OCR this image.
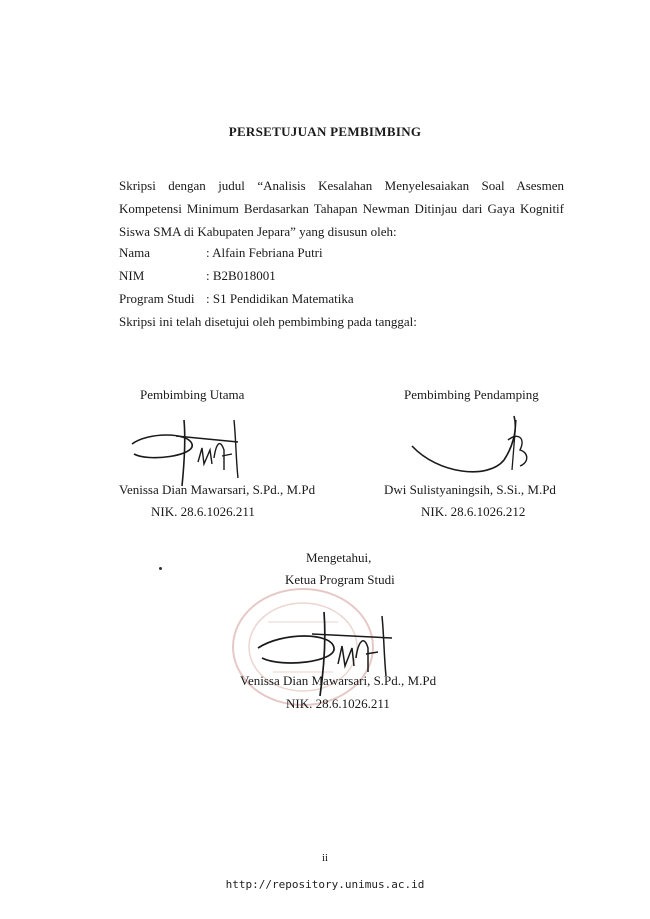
PERSETUJUAN PEMBIMBING
Skripsi dengan judul “Analisis Kesalahan Menyelesaiakan Soal Asesmen
Kompetensi Minimum Berdasarkan Tahapan Newman Ditinjau dari Gaya Kognitif
Siswa SMA di Kabupaten Jepara” yang disusun oleh:
Nama	: Alfain Febriana Putri
NIM	: B2B018001
Program Studi : S1 Pendidikan Matematika
Skripsi ini telah disetujui oleh pembimbing pada tanggal:
Pembimbing Utama
Venissa Dian Mawarsari, S.Pd., M.Pd
NIK. 28.6.1026.211
Pembimbing Pendamping
Dwi Sulistyaningsih, S.Si., M.Pd
NIK. 28.6.1026.212
Mengetahui,
Ketua Program Studi
Venissa Dian Mawarsari, S.Pd., M.Pd
NIK. 28.6.1026.211
ii
http://repository.unimus.ac.id
